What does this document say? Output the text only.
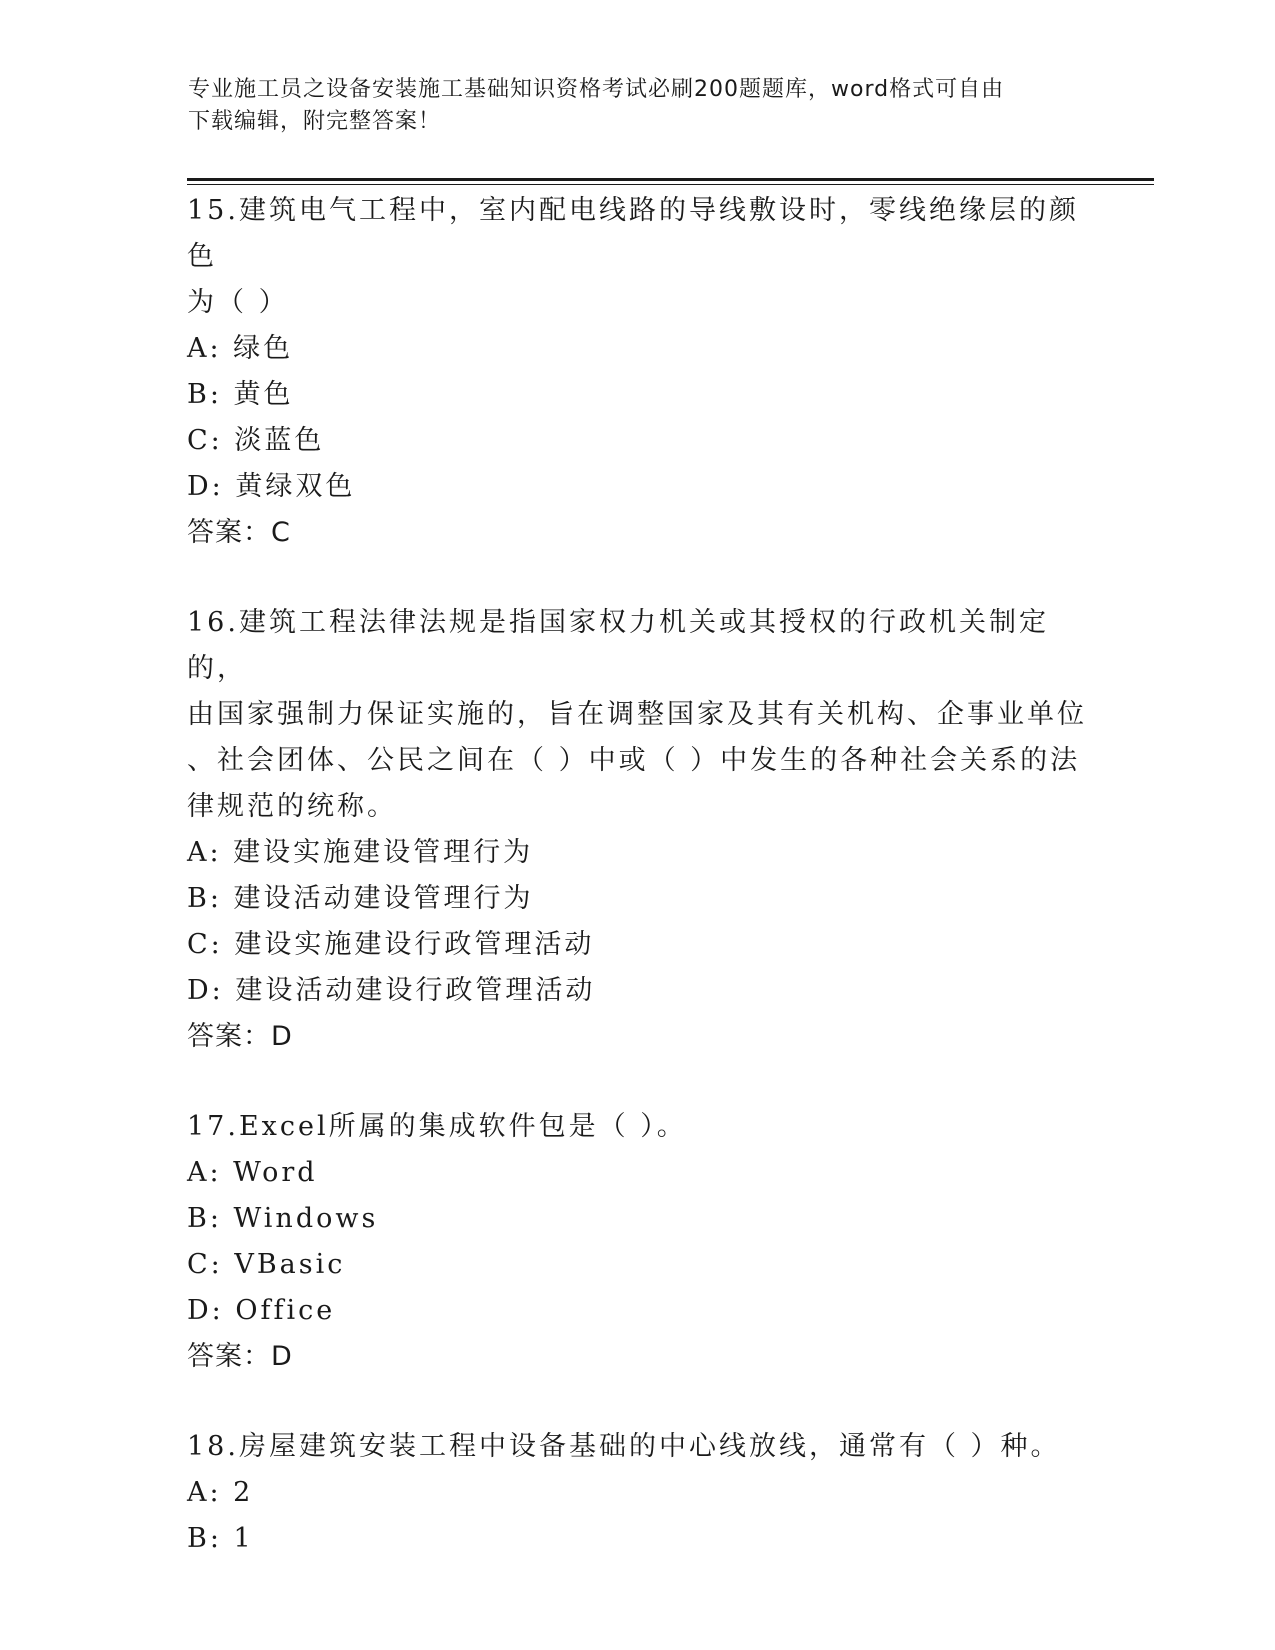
专业施工员之设备安装施工基础知识资格考试必刷200题题库，word格式可自由
下载编辑，附完整答案！

15.建筑电气工程中，室内配电线路的导线敷设时，零线绝缘层的颜色

为（ ）

A: 绿色

B: 黄色

C: 淡蓝色

D: 黄绿双色

答案：C

16.建筑工程法律法规是指国家权力机关或其授权的行政机关制定的，

由国家强制力保证实施的，旨在调整国家及其有关机构、企事业单位

、社会团体、公民之间在（ ）中或（ ）中发生的各种社会关系的法

律规范的统称。

A: 建设实施建设管理行为

B: 建设活动建设管理行为

C: 建设实施建设行政管理活动

D: 建设活动建设行政管理活动

答案：D

17.Excel所属的集成软件包是（ ）。

A: Word

B: Windows

C: VBasic

D: Office

答案：D

18.房屋建筑安装工程中设备基础的中心线放线，通常有（ ）种。

A: 2

B: 1
